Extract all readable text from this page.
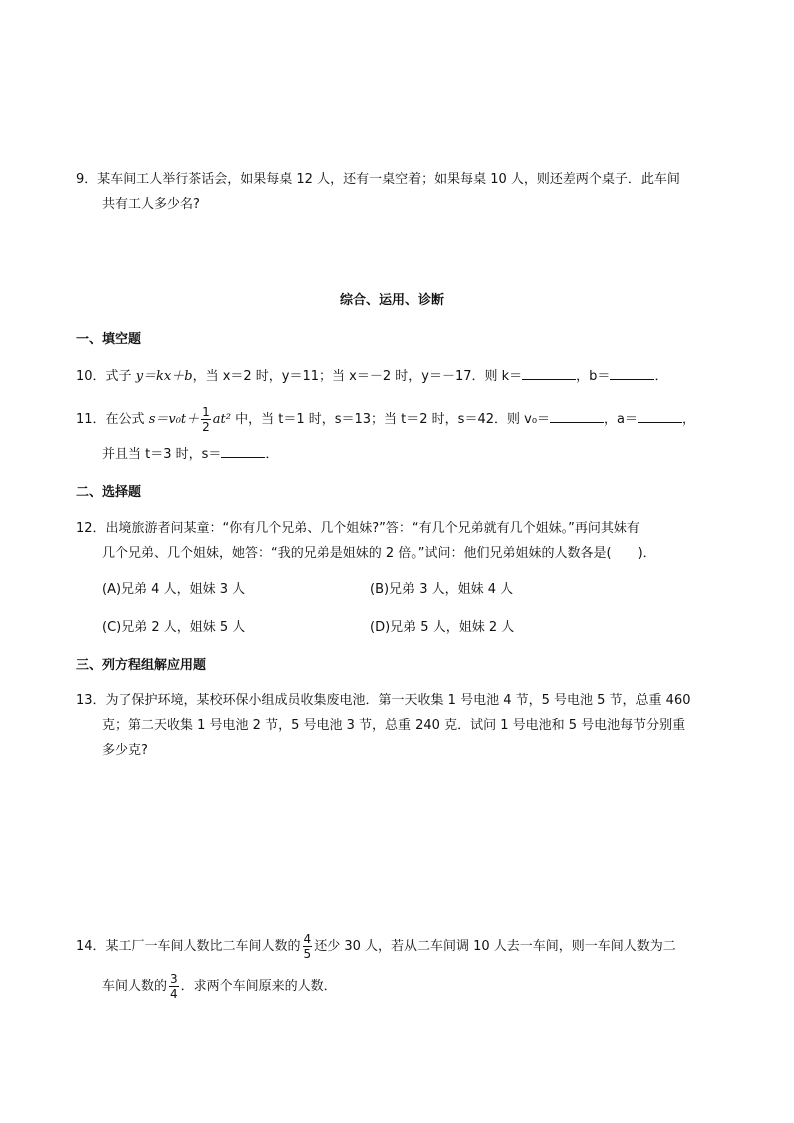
9．某车间工人举行茶话会，如果每桌 12 人，还有一桌空着；如果每桌 10 人，则还差两个桌子．此车间
共有工人多少名?
综合、运用、诊断
一、填空题
10．式子 y＝kx＋b，当 x＝2 时，y＝11；当 x＝－2 时，y＝－17．则 k＝	，b＝	．
11．在公式 $s=v_0t+ \frac{1}{2} at^2$ 中，当 t＝1 时，s＝13；当 t＝2 时，s＝42．则 v₀＝	，a＝	，
并且当 t＝3 时，s＝	．
二、选择题
12．出境旅游者问某童：“你有几个兄弟、几个姐妹?”答：“有几个兄弟就有几个姐妹。”再问其妹有
几个兄弟、几个姐妹，她答：“我的兄弟是姐妹的 2 倍。”试问：他们兄弟姐妹的人数各是(　　)．
(A)兄弟 4 人，姐妹 3 人	(B)兄弟 3 人，姐妹 4 人
(C)兄弟 2 人，姐妹 5 人	(D)兄弟 5 人，姐妹 2 人
三、列方程组解应用题
13．为了保护环境，某校环保小组成员收集废电池．第一天收集 1 号电池 4 节，5 号电池 5 节，总重 460
克；第二天收集 1 号电池 2 节，5 号电池 3 节，总重 240 克．试问 1 号电池和 5 号电池每节分别重
多少克?
14．某工厂一车间人数比二车间人数的 $\frac{4}{5}$ 还少 30 人，若从二车间调 10 人去一车间，则一车间人数为二
车间人数的 $\frac{3}{4}$ ．求两个车间原来的人数．
